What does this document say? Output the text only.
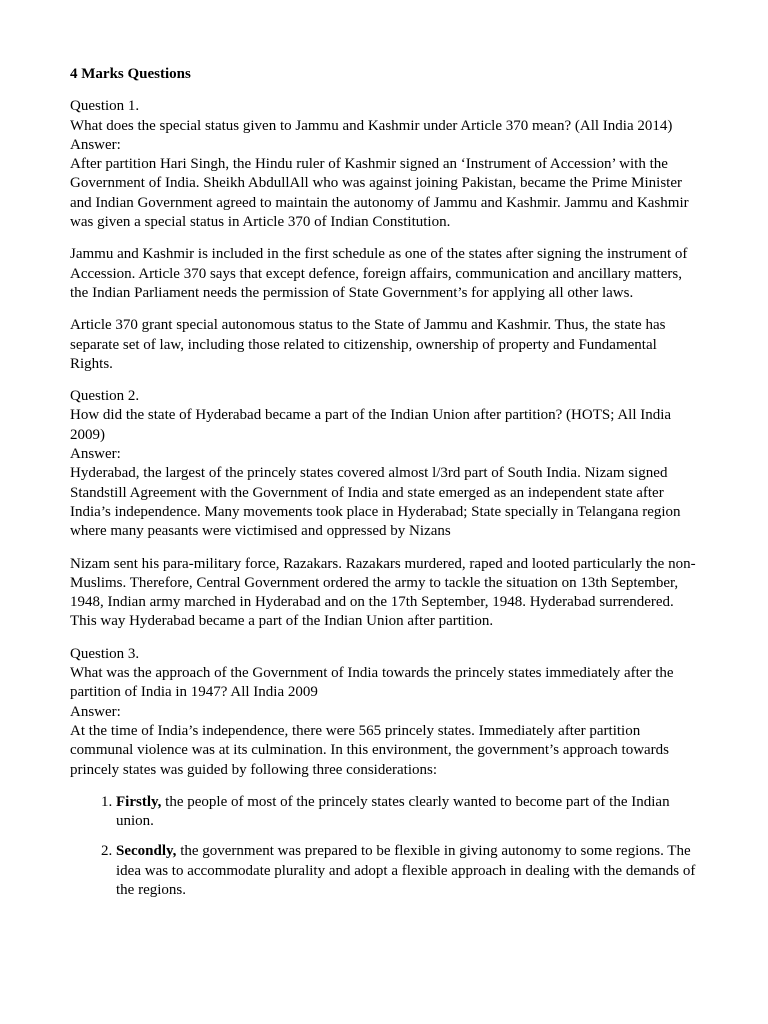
4 Marks Questions
Question 1.
What does the special status given to Jammu and Kashmir under Article 370 mean? (All India 2014)
Answer:
After partition Hari Singh, the Hindu ruler of Kashmir signed an ‘Instrument of Accession’ with the Government of India. Sheikh AbdullAll who was against joining Pakistan, became the Prime Minister and Indian Government agreed to maintain the autonomy of Jammu and Kashmir. Jammu and Kashmir was given a special status in Article 370 of Indian Constitution.

Jammu and Kashmir is included in the first schedule as one of the states after signing the instrument of Accession. Article 370 says that except defence, foreign affairs, communication and ancillary matters, the Indian Parliament needs the permission of State Government’s for applying all other laws.

Article 370 grant special autonomous status to the State of Jammu and Kashmir. Thus, the state has separate set of law, including those related to citizenship, ownership of property and Fundamental Rights.

Question 2.
How did the state of Hyderabad became a part of the Indian Union after partition? (HOTS; All India 2009)
Answer:
Hyderabad, the largest of the princely states covered almost l/3rd part of South India. Nizam signed Standstill Agreement with the Government of India and state emerged as an independent state after India’s independence. Many movements took place in Hyderabad; State specially in Telangana region where many peasants were victimised and oppressed by Nizans

Nizam sent his para-military force, Razakars. Razakars murdered, raped and looted particularly the non-Muslims. Therefore, Central Government ordered the army to tackle the situation on 13th September, 1948, Indian army marched in Hyderabad and on the 17th September, 1948. Hyderabad surrendered. This way Hyderabad became a part of the Indian Union after partition.

Question 3.
What was the approach of the Government of India towards the princely states immediately after the partition of India in 1947? All India 2009
Answer:
At the time of India’s independence, there were 565 princely states. Immediately after partition communal violence was at its culmination. In this environment, the government’s approach towards princely states was guided by following three considerations:
1. Firstly, the people of most of the princely states clearly wanted to become part of the Indian union.
2. Secondly, the government was prepared to be flexible in giving autonomy to some regions. The idea was to accommodate plurality and adopt a flexible approach in dealing with the demands of the regions.
